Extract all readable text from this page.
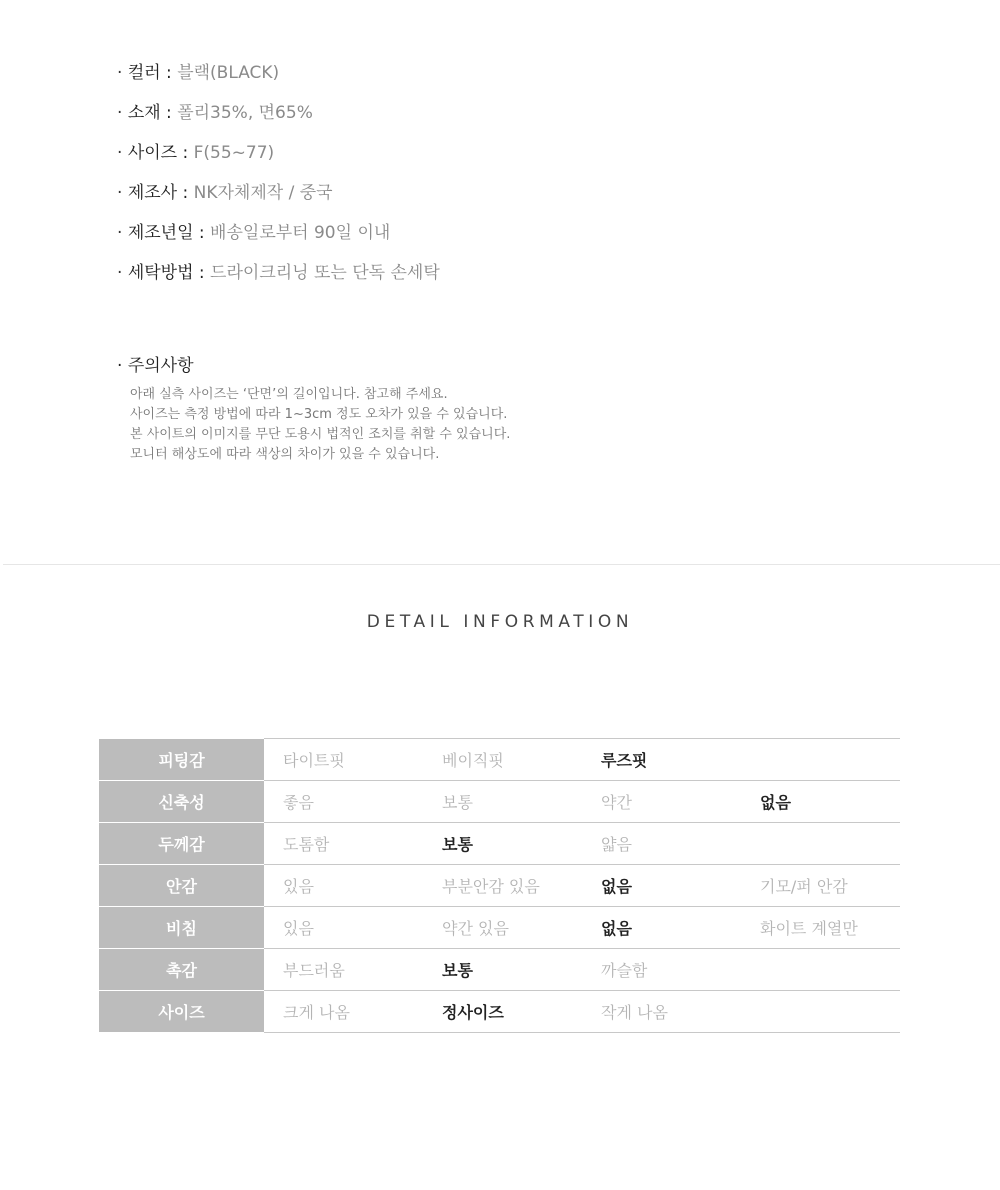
· 컬러 : 블랙(BLACK)
· 소재 : 폴리35%, 면65%
· 사이즈 : F(55~77)
· 제조사 : NK자체제작 / 중국
· 제조년일 : 배송일로부터 90일 이내
· 세탁방법 : 드라이크리닝 또는 단독 손세탁

· 주의사항

아래 실측 사이즈는 ‘단면’의 길이입니다. 참고해 주세요.
사이즈는 측정 방법에 따라 1~3cm 정도 오차가 있을 수 있습니다.
본 사이트의 이미지를 무단 도용시 법적인 조치를 취할 수 있습니다.
모니터 해상도에 따라 색상의 차이가 있을 수 있습니다.
DETAIL INFORMATION
피팅감	타이트핏	베이직핏	루즈핏	
신축성	좋음	보통	약간	없음
두께감	도톰함	보통	얇음	
안감	있음	부분안감 있음	없음	기모/퍼 안감
비침	있음	약간 있음	없음	화이트 계열만
촉감	부드러움	보통	까슬함	
사이즈	크게 나옴	정사이즈	작게 나옴	
